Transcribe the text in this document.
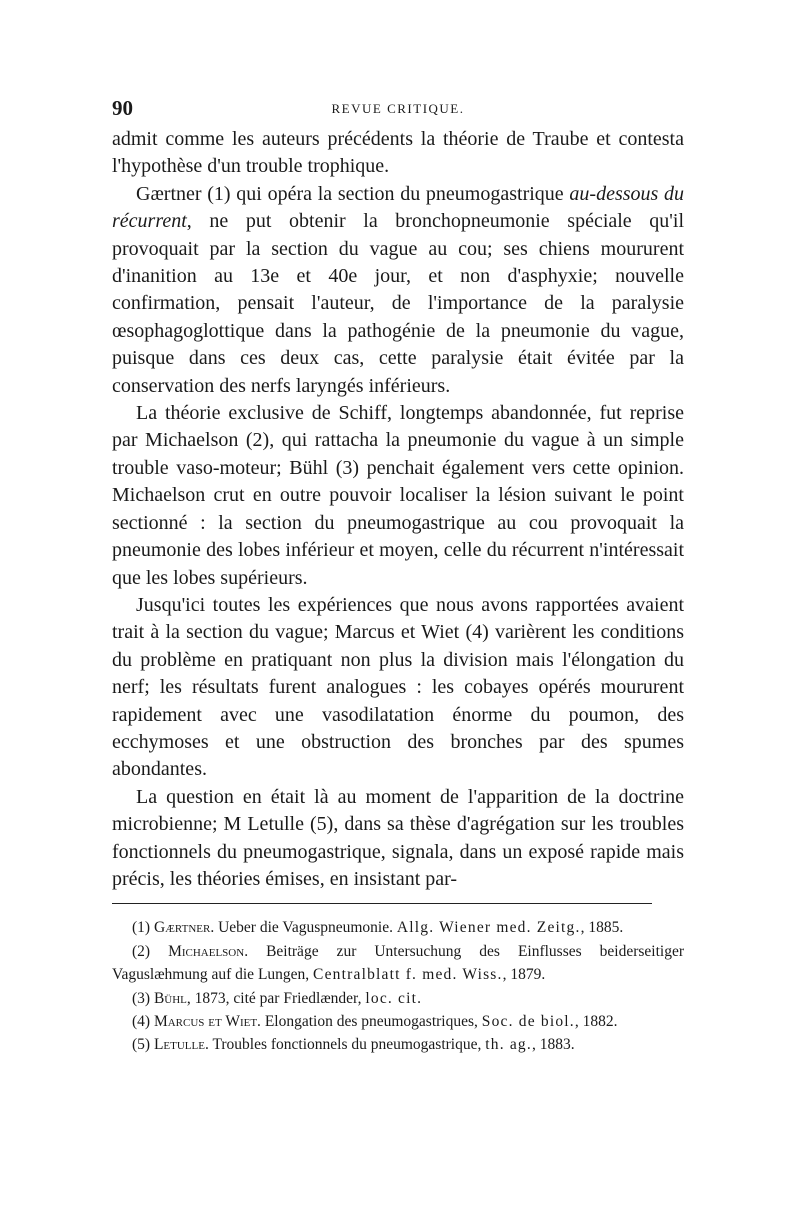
90	REVUE CRITIQUE.

admit comme les auteurs précédents la théorie de Traube et contesta l'hypothèse d'un trouble trophique.

Gærtner (1) qui opéra la section du pneumogastrique au-dessous du récurrent, ne put obtenir la bronchopneumonie spéciale qu'il provoquait par la section du vague au cou; ses chiens moururent d'inanition au 13e et 40e jour, et non d'asphyxie; nouvelle confirmation, pensait l'auteur, de l'importance de la paralysie œsophagoglottique dans la pathogénie de la pneumonie du vague, puisque dans ces deux cas, cette paralysie était évitée par la conservation des nerfs laryngés inférieurs.

La théorie exclusive de Schiff, longtemps abandonnée, fut reprise par Michaelson (2), qui rattacha la pneumonie du vague à un simple trouble vaso-moteur; Bühl (3) penchait également vers cette opinion. Michaelson crut en outre pouvoir localiser la lésion suivant le point sectionné : la section du pneumogastrique au cou provoquait la pneumonie des lobes inférieur et moyen, celle du récurrent n'intéressait que les lobes supérieurs.

Jusqu'ici toutes les expériences que nous avons rapportées avaient trait à la section du vague; Marcus et Wiet (4) varièrent les conditions du problème en pratiquant non plus la division mais l'élongation du nerf; les résultats furent analogues : les cobayes opérés moururent rapidement avec une vasodilatation énorme du poumon, des ecchymoses et une obstruction des bronches par des spumes abondantes.

La question en était là au moment de l'apparition de la doctrine microbienne; M Letulle (5), dans sa thèse d'agrégation sur les troubles fonctionnels du pneumogastrique, signala, dans un exposé rapide mais précis, les théories émises, en insistant par-

(1) Gærtner. Ueber die Vaguspneumonie. Allg. Wiener med. Zeitg., 1885.

(2) Michaelson. Beiträge zur Untersuchung des Einflusses beiderseitiger Vaguslæhmung auf die Lungen, Centralblatt f. med. Wiss., 1879.

(3) Bühl, 1873, cité par Friedlænder, loc. cit.

(4) Marcus et Wiet. Elongation des pneumogastriques, Soc. de biol., 1882.

(5) Letulle. Troubles fonctionnels du pneumogastrique, th. ag., 1883.
